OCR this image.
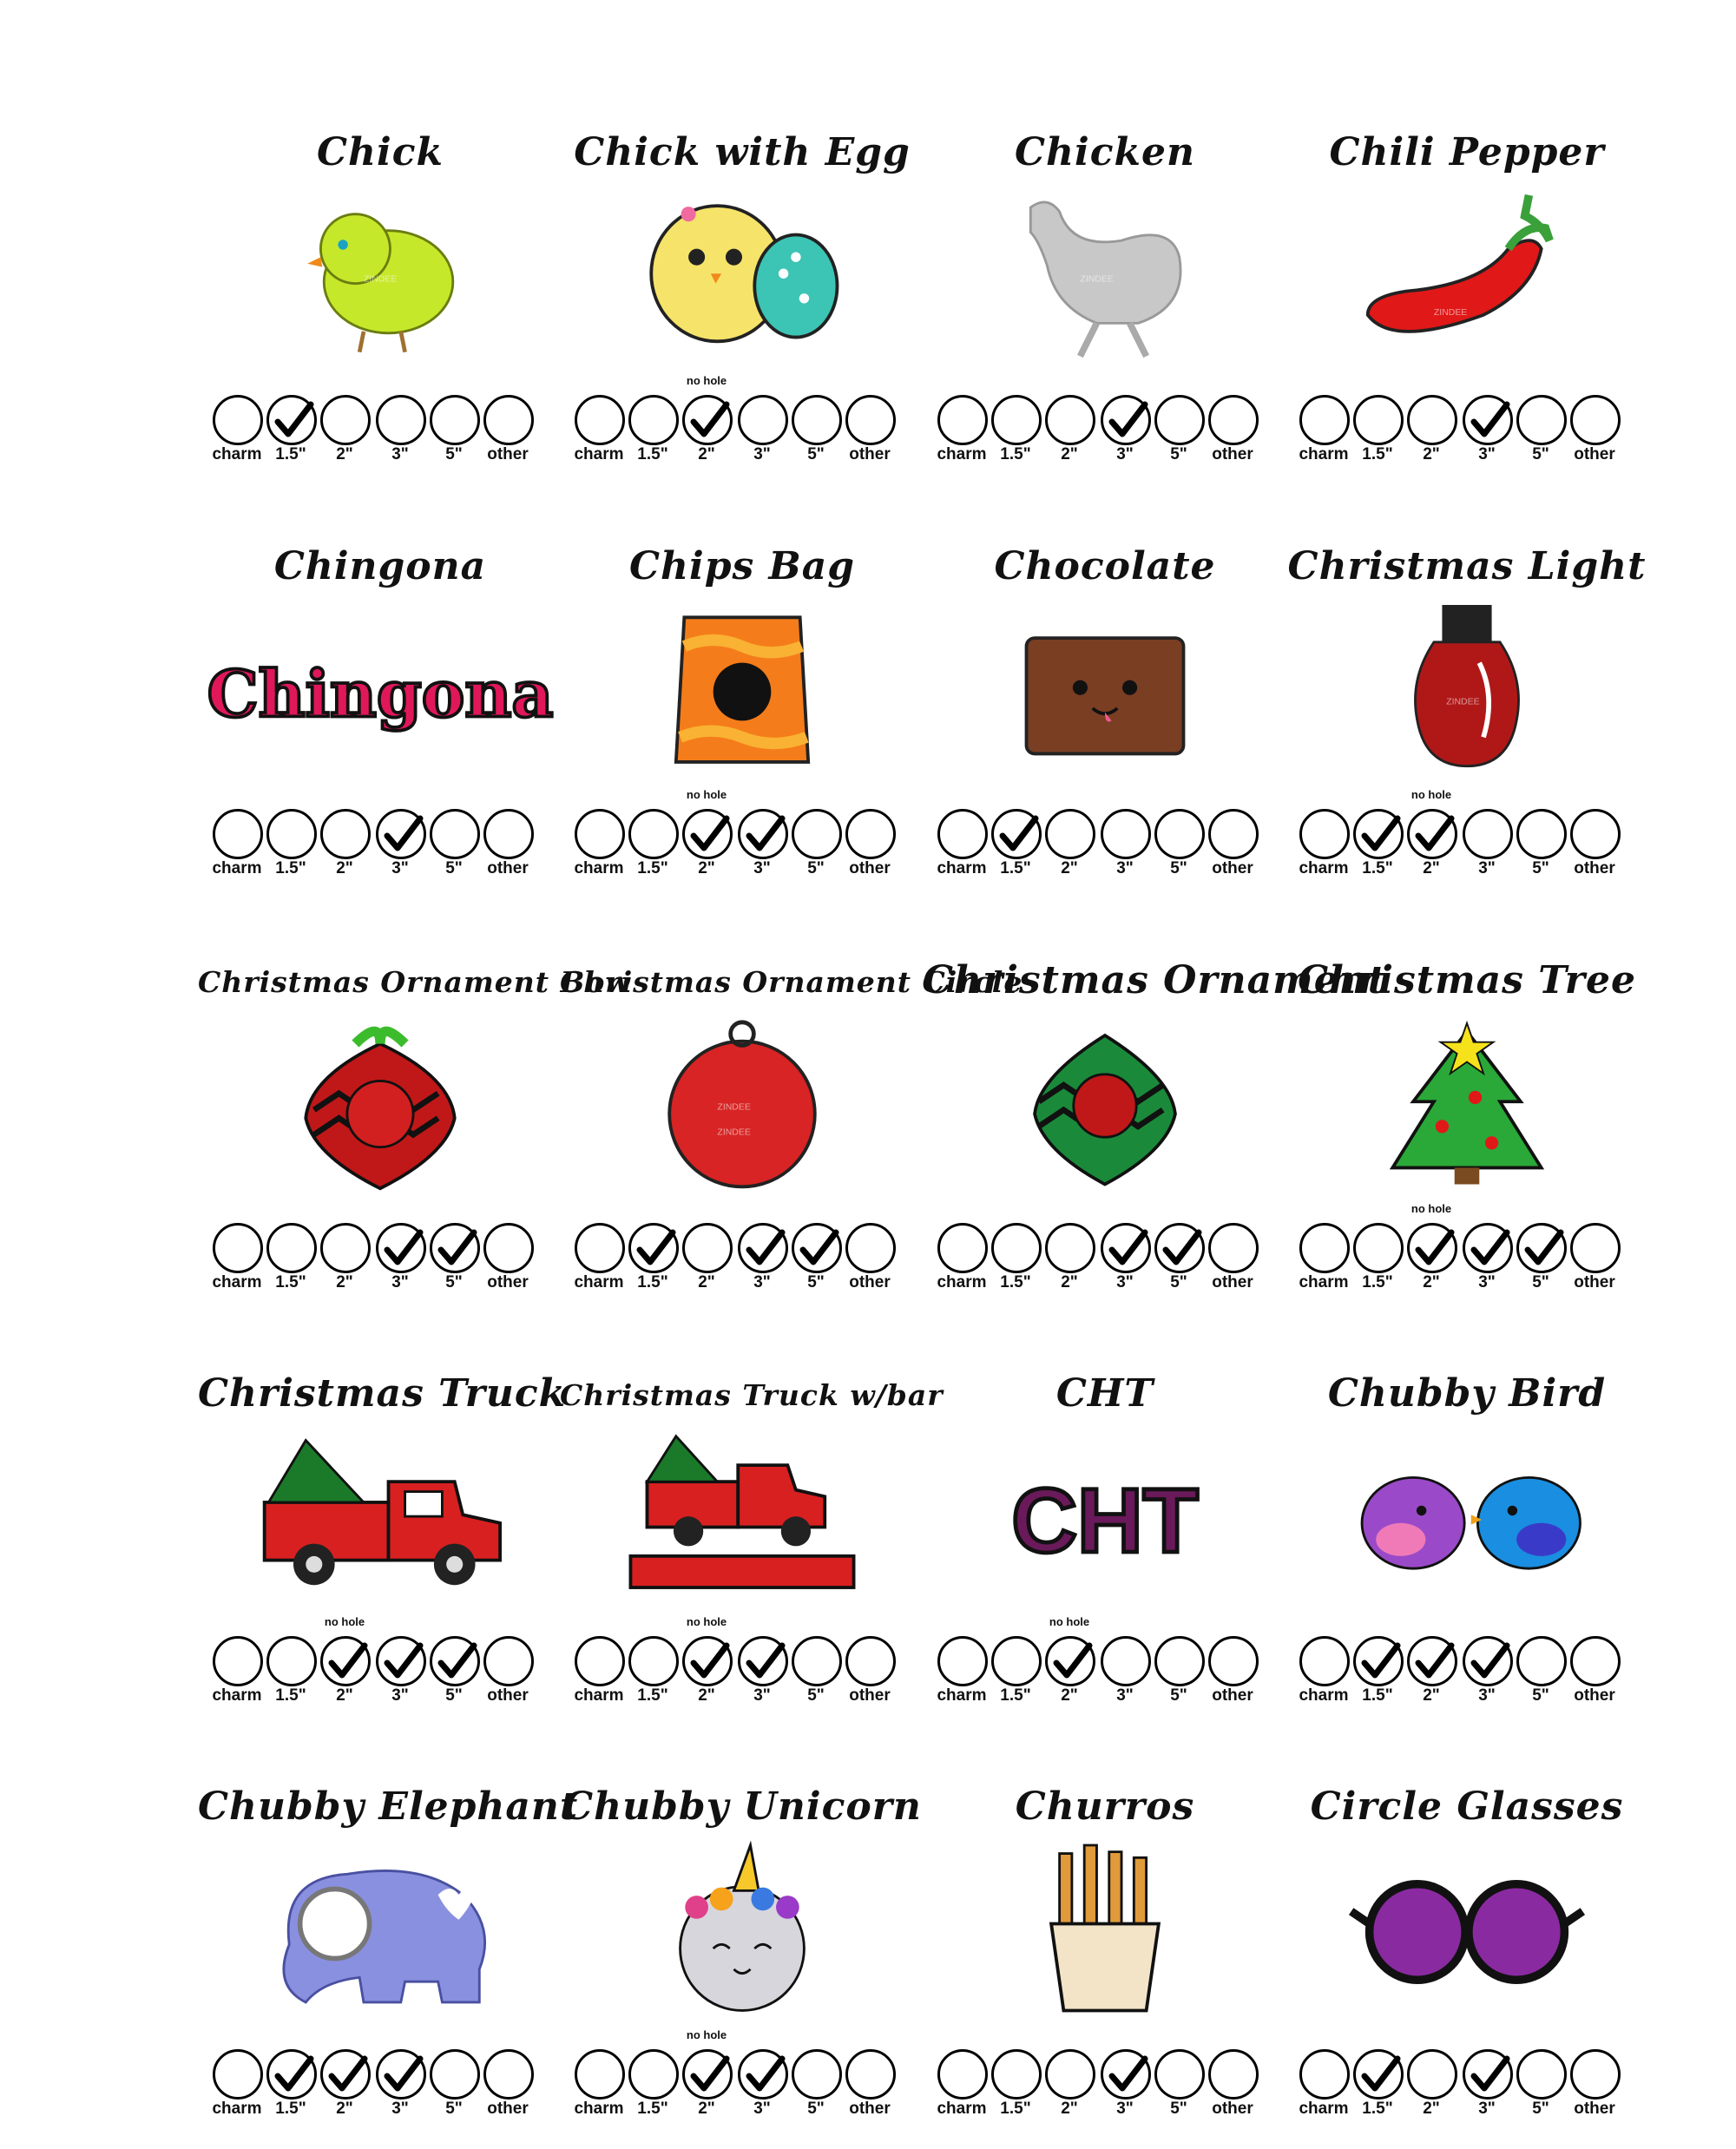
Chick
ZINDEE
charm 1.5"	2"	3"	5"	other
Chick with Egg
charm 1.5"
no hole
2"	3"	5"	other
Chicken
ZINDEE
charm 1.5"	2"	3"	5"	other
Chili Pepper
ZINDEE
charm 1.5"	2"	3"	5"	other
Chingona
Chingona
charm 1.5"	2"	3"	5"	other
Chips Bag
charm 1.5"
no hole
2"	3"	5"	other
Chocolate
charm 1.5"	2"	3"	5"	other
Christmas Light
ZINDEE
charm 1.5"
no hole
2"	3"	5"	other
Christmas Ornament Bow
charm 1.5"	2"	3"	5"	other
Christmas Ornament Circle
ZINDEE
ZINDEE
charm 1.5"	2"	3"	5"	other
Christmas Ornament
charm 1.5"	2"	3"	5"	other
Christmas Tree
charm 1.5"
no hole
2"	3"	5"	other
Christmas Truck
charm 1.5"
no hole
2"	3"	5"	other
Christmas Truck w/bar
charm 1.5"
no hole
2"	3"	5"	other
CHT
CHT
charm 1.5"
no hole
2"	3"	5"	other
Chubby Bird
charm 1.5"	2"	3"	5"	other
Chubby Elephant
charm 1.5"	2"	3"	5"	other
Chubby Unicorn
charm 1.5"
no hole
2"	3"	5"	other
Churros
charm 1.5"	2"	3"	5"	other
Circle Glasses
charm 1.5"	2"	3"	5"	other
